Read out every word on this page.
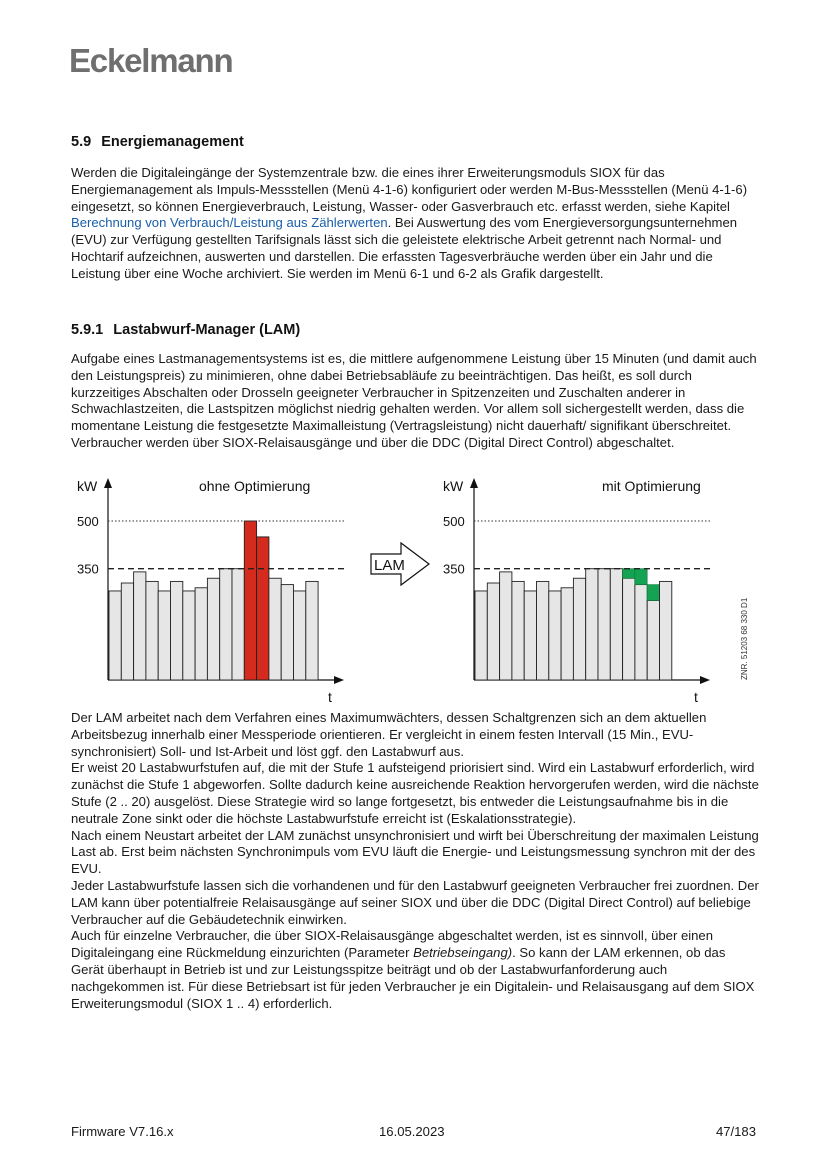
Eckelmann
5.9 Energiemanagement

Werden die Digitaleingänge der Systemzentrale bzw. die eines ihrer Erweiterungsmoduls SIOX für das Energiemanagement als Impuls-Messstellen (Menü 4-1-6) konfiguriert oder werden M-Bus-Messstellen (Menü 4-1-6) eingesetzt, so können Energieverbrauch, Leistung, Wasser- oder Gasverbrauch etc. erfasst werden, siehe Kapitel Berechnung von Verbrauch/Leistung aus Zählerwerten. Bei Auswertung des vom Energieversorgungsunternehmen (EVU) zur Verfügung gestellten Tarifsignals lässt sich die geleistete elektrische Arbeit getrennt nach Normal- und Hochtarif aufzeichnen, auswerten und darstellen. Die erfassten Tagesverbräuche werden über ein Jahr und die Leistung über eine Woche archiviert. Sie werden im Menü 6-1 und 6-2 als Grafik dargestellt.

5.9.1 Lastabwurf-Manager (LAM)

Aufgabe eines Lastmanagementsystems ist es, die mittlere aufgenommene Leistung über 15 Minuten (und damit auch den Leistungspreis) zu minimieren, ohne dabei Betriebsabläufe zu beeinträchtigen. Das heißt, es soll durch kurzzeitiges Abschalten oder Drosseln geeigneter Verbraucher in Spitzenzeiten und Zuschalten anderer in Schwachlastzeiten, die Lastspitzen möglichst niedrig gehalten werden. Vor allem soll sichergestellt werden, dass die momentane Leistung die festgesetzte Maximalleistung (Vertragsleistung) nicht dauerhaft/ signifikant überschreitet. Verbraucher werden über SIOX-Relaisausgänge und über die DDC (Digital Direct Control) abgeschaltet.

kW
t
ohne Optimierung
500
350
kW
t
mit Optimierung
500
350
LAM
ZNR. 51203 68 330 D1

Der LAM arbeitet nach dem Verfahren eines Maximumwächters, dessen Schaltgrenzen sich an dem aktuellen Arbeitsbezug innerhalb einer Messperiode orientieren. Er vergleicht in einem festen Intervall (15 Min., EVU-synchronisiert) Soll- und Ist-Arbeit und löst ggf. den Lastabwurf aus.

Er weist 20 Lastabwurfstufen auf, die mit der Stufe 1 aufsteigend priorisiert sind. Wird ein Lastabwurf erforderlich, wird zunächst die Stufe 1 abgeworfen. Sollte dadurch keine ausreichende Reaktion hervorgerufen werden, wird die nächste Stufe (2 .. 20) ausgelöst. Diese Strategie wird so lange fortgesetzt, bis entweder die Leistungsaufnahme bis in die neutrale Zone sinkt oder die höchste Lastabwurfstufe erreicht ist (Eskalationsstrategie).

Nach einem Neustart arbeitet der LAM zunächst unsynchronisiert und wirft bei Überschreitung der maximalen Leistung Last ab. Erst beim nächsten Synchronimpuls vom EVU läuft die Energie- und Leistungsmessung synchron mit der des EVU.

Jeder Lastabwurfstufe lassen sich die vorhandenen und für den Lastabwurf geeigneten Verbraucher frei zuordnen. Der LAM kann über potentialfreie Relaisausgänge auf seiner SIOX und über die DDC (Digital Direct Control) auf beliebige Verbraucher auf die Gebäudetechnik einwirken.

Auch für einzelne Verbraucher, die über SIOX-Relaisausgänge abgeschaltet werden, ist es sinnvoll, über einen Digitaleingang eine Rückmeldung einzurichten (Parameter Betriebseingang). So kann der LAM erkennen, ob das Gerät überhaupt in Betrieb ist und zur Leistungsspitze beiträgt und ob der Lastabwurfanforderung auch nachgekommen ist. Für diese Betriebsart ist für jeden Verbraucher je ein Digitalein- und Relaisausgang auf dem SIOX Erweiterungsmodul (SIOX 1 .. 4) erforderlich.

Firmware V7.16.x	16.05.2023	47/183
